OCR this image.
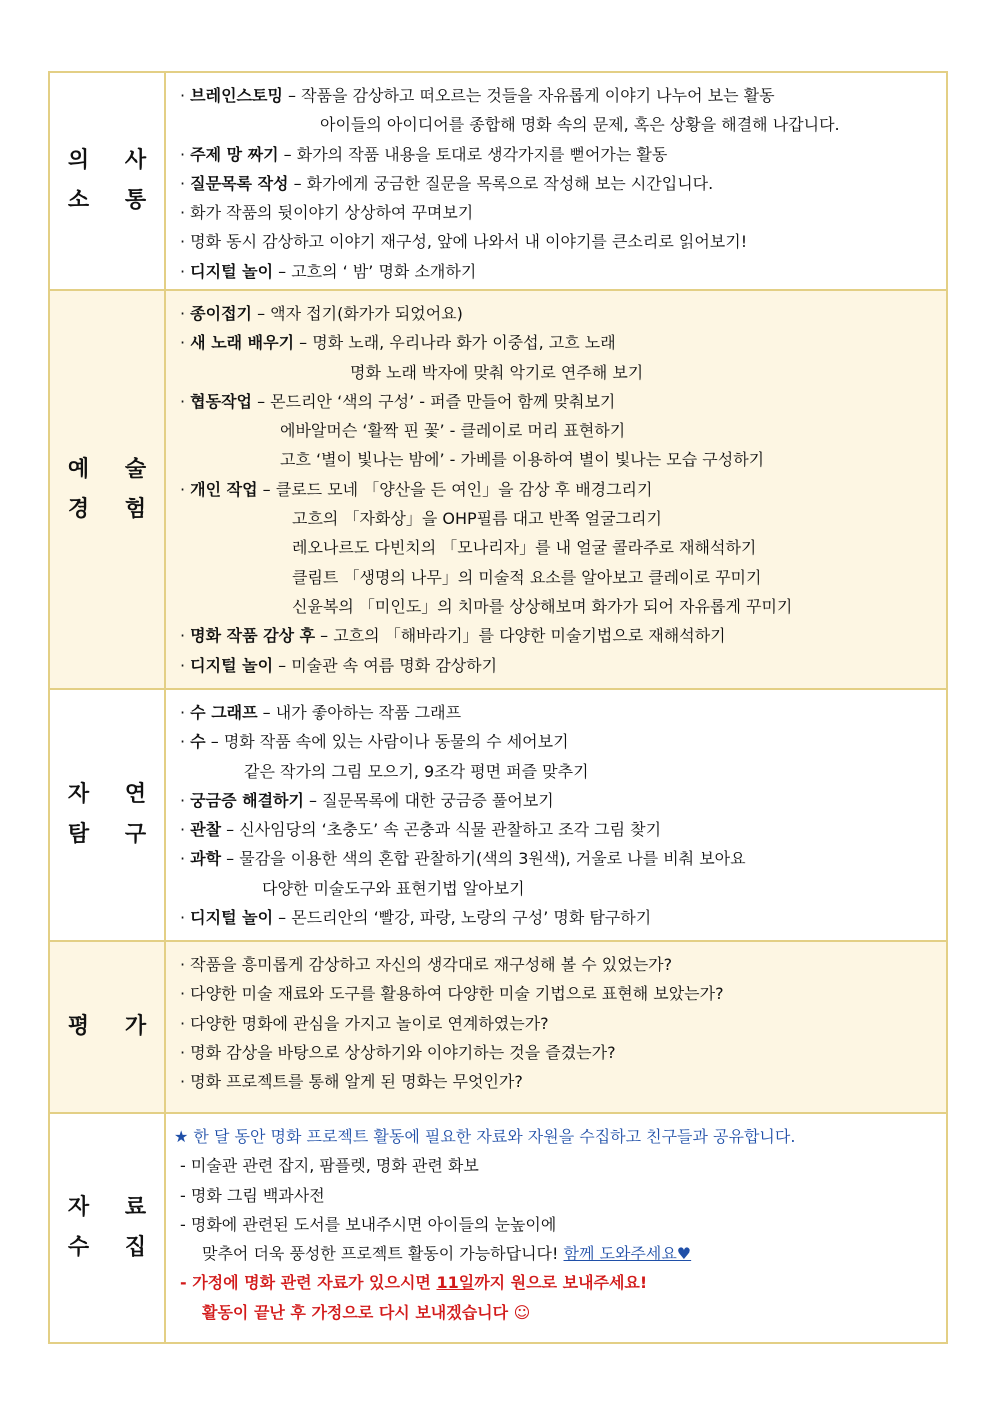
의 사
소 통
· 브레인스토밍 – 작품을 감상하고 떠오르는 것들을 자유롭게 이야기 나누어 보는 활동
아이들의 아이디어를 종합해 명화 속의 문제, 혹은 상황을 해결해 나갑니다.
· 주제 망 짜기 – 화가의 작품 내용을 토대로 생각가지를 뻗어가는 활동
· 질문목록 작성 – 화가에게 궁금한 질문을 목록으로 작성해 보는 시간입니다.
· 화가 작품의 뒷이야기 상상하여 꾸며보기
· 명화 동시 감상하고 이야기 재구성, 앞에 나와서 내 이야기를 큰소리로 읽어보기!
· 디지털 놀이 – 고흐의 ‘ 밤’ 명화 소개하기
예 술
경 험
· 종이접기 – 액자 접기(화가가 되었어요)
· 새 노래 배우기 – 명화 노래, 우리나라 화가 이중섭, 고흐 노래
명화 노래 박자에 맞춰 악기로 연주해 보기
· 협동작업 – 몬드리안 ‘색의 구성’ - 퍼즐 만들어 함께 맞춰보기
에바알머슨 ‘활짝 핀 꽃’ - 클레이로 머리 표현하기
고흐 ‘별이 빛나는 밤에’ - 가베를 이용하여 별이 빛나는 모습 구성하기
· 개인 작업 – 클로드 모네 「양산을 든 여인」을 감상 후 배경그리기
고흐의 「자화상」을 OHP필름 대고 반쪽 얼굴그리기
레오나르도 다빈치의 「모나리자」를 내 얼굴 콜라주로 재해석하기
클림트 「생명의 나무」의 미술적 요소를 알아보고 클레이로 꾸미기
신윤복의 「미인도」의 치마를 상상해보며 화가가 되어 자유롭게 꾸미기
· 명화 작품 감상 후 – 고흐의 「해바라기」를 다양한 미술기법으로 재해석하기
· 디지털 놀이 – 미술관 속 여름 명화 감상하기
자 연
탐 구
· 수 그래프 – 내가 좋아하는 작품 그래프
· 수 – 명화 작품 속에 있는 사람이나 동물의 수 세어보기
같은 작가의 그림 모으기, 9조각 평면 퍼즐 맞추기
· 궁금증 해결하기 – 질문목록에 대한 궁금증 풀어보기
· 관찰 – 신사임당의 ‘초충도’ 속 곤충과 식물 관찰하고 조각 그림 찾기
· 과학 – 물감을 이용한 색의 혼합 관찰하기(색의 3원색), 거울로 나를 비춰 보아요
다양한 미술도구와 표현기법 알아보기
· 디지털 놀이 – 몬드리안의 ‘빨강, 파랑, 노랑의 구성’ 명화 탐구하기
평 가
· 작품을 흥미롭게 감상하고 자신의 생각대로 재구성해 볼 수 있었는가?
· 다양한 미술 재료와 도구를 활용하여 다양한 미술 기법으로 표현해 보았는가?
· 다양한 명화에 관심을 가지고 놀이로 연계하였는가?
· 명화 감상을 바탕으로 상상하기와 이야기하는 것을 즐겼는가?
· 명화 프로젝트를 통해 알게 된 명화는 무엇인가?
자 료
수 집
★ 한 달 동안 명화 프로젝트 활동에 필요한 자료와 자원을 수집하고 친구들과 공유합니다.
- 미술관 관련 잡지, 팜플렛, 명화 관련 화보
- 명화 그림 백과사전
- 명화에 관련된 도서를 보내주시면 아이들의 눈높이에
맞추어 더욱 풍성한 프로젝트 활동이 가능하답니다! 함께 도와주세요♥
- 가정에 명화 관련 자료가 있으시면 11일까지 원으로 보내주세요!
활동이 끝난 후 가정으로 다시 보내겠습니다 ☺
